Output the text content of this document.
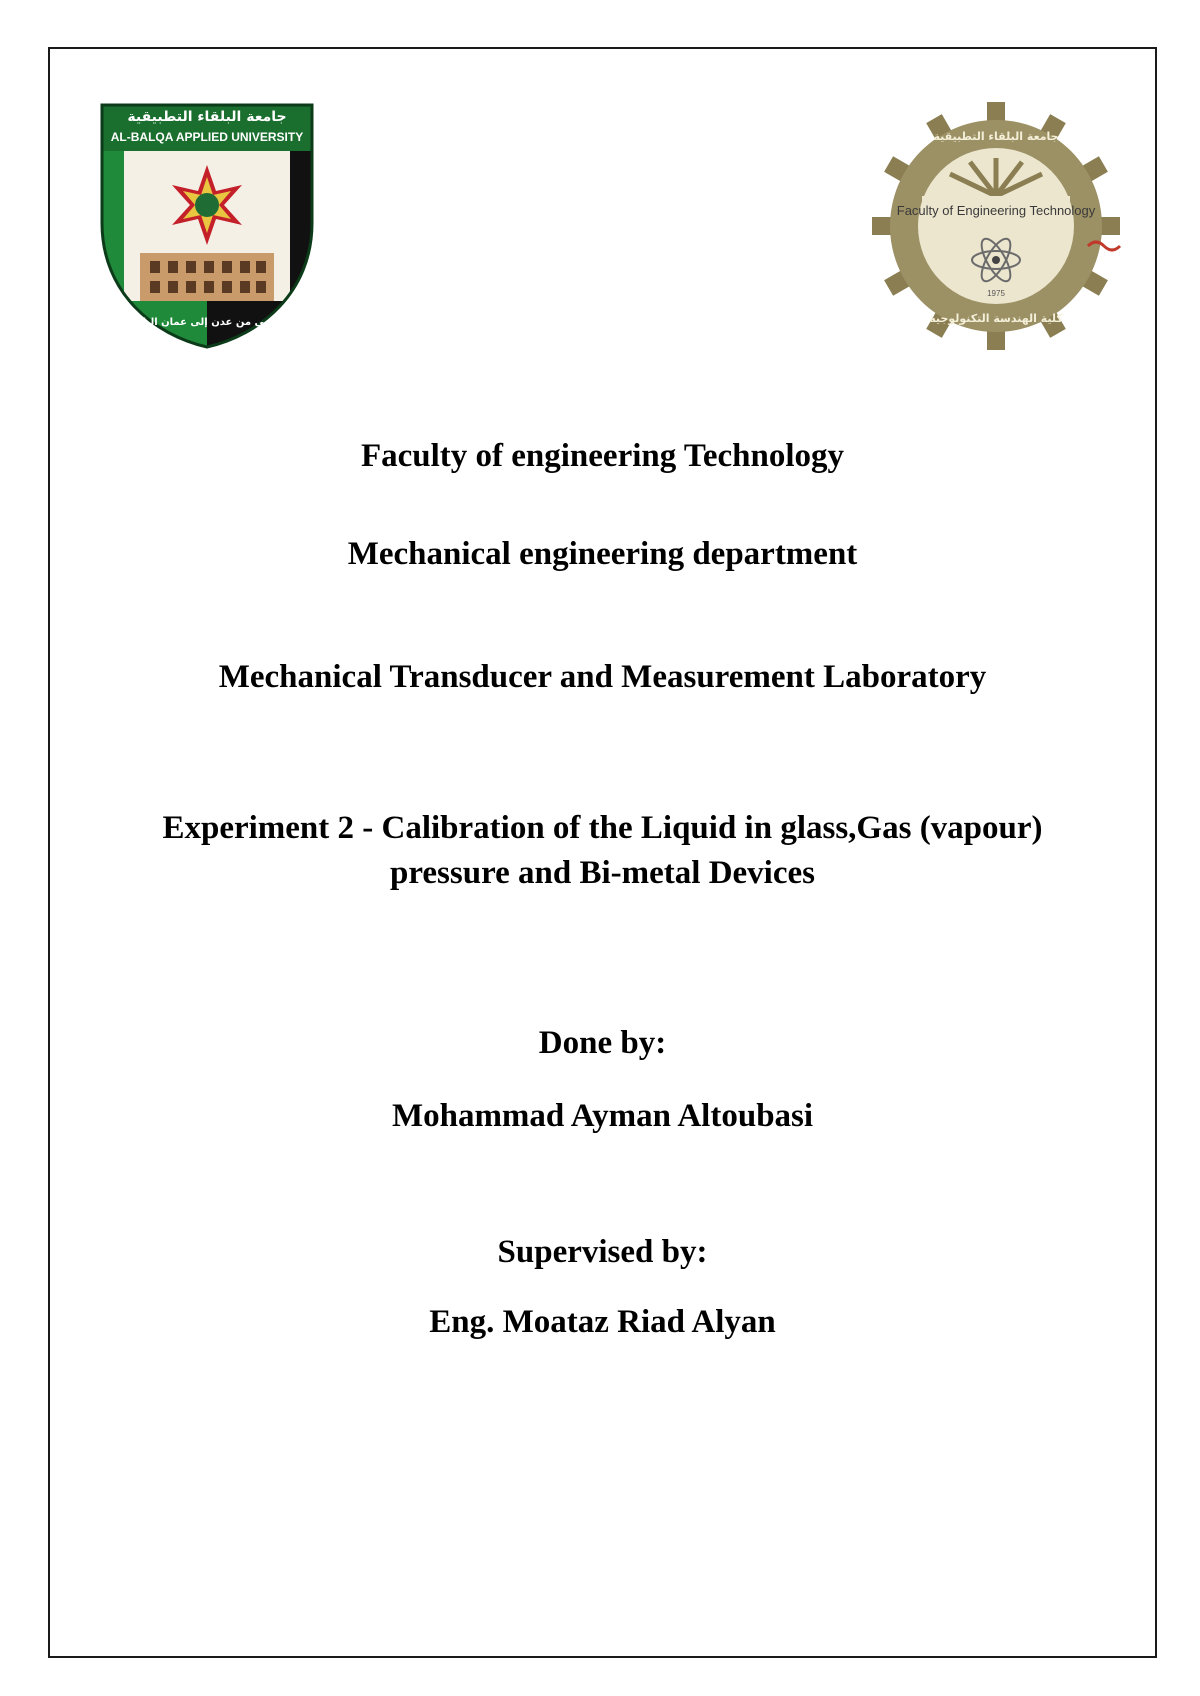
جامعة البلقاء التطبيقية
AL-BALQA APPLIED UNIVERSITY
حوضي من عدن إلى عمان البلقاء
Faculty of Engineering Technology
1975
جامعة البلقاء التطبيقية
كلية الهندسة التكنولوجية
Faculty of engineering Technology
Mechanical engineering department
Mechanical Transducer and Measurement Laboratory
Experiment 2 - Calibration of the Liquid in glass,Gas (vapour)
pressure and Bi-metal Devices
Done by:
Mohammad Ayman Altoubasi
Supervised by:
Eng. Moataz Riad Alyan
